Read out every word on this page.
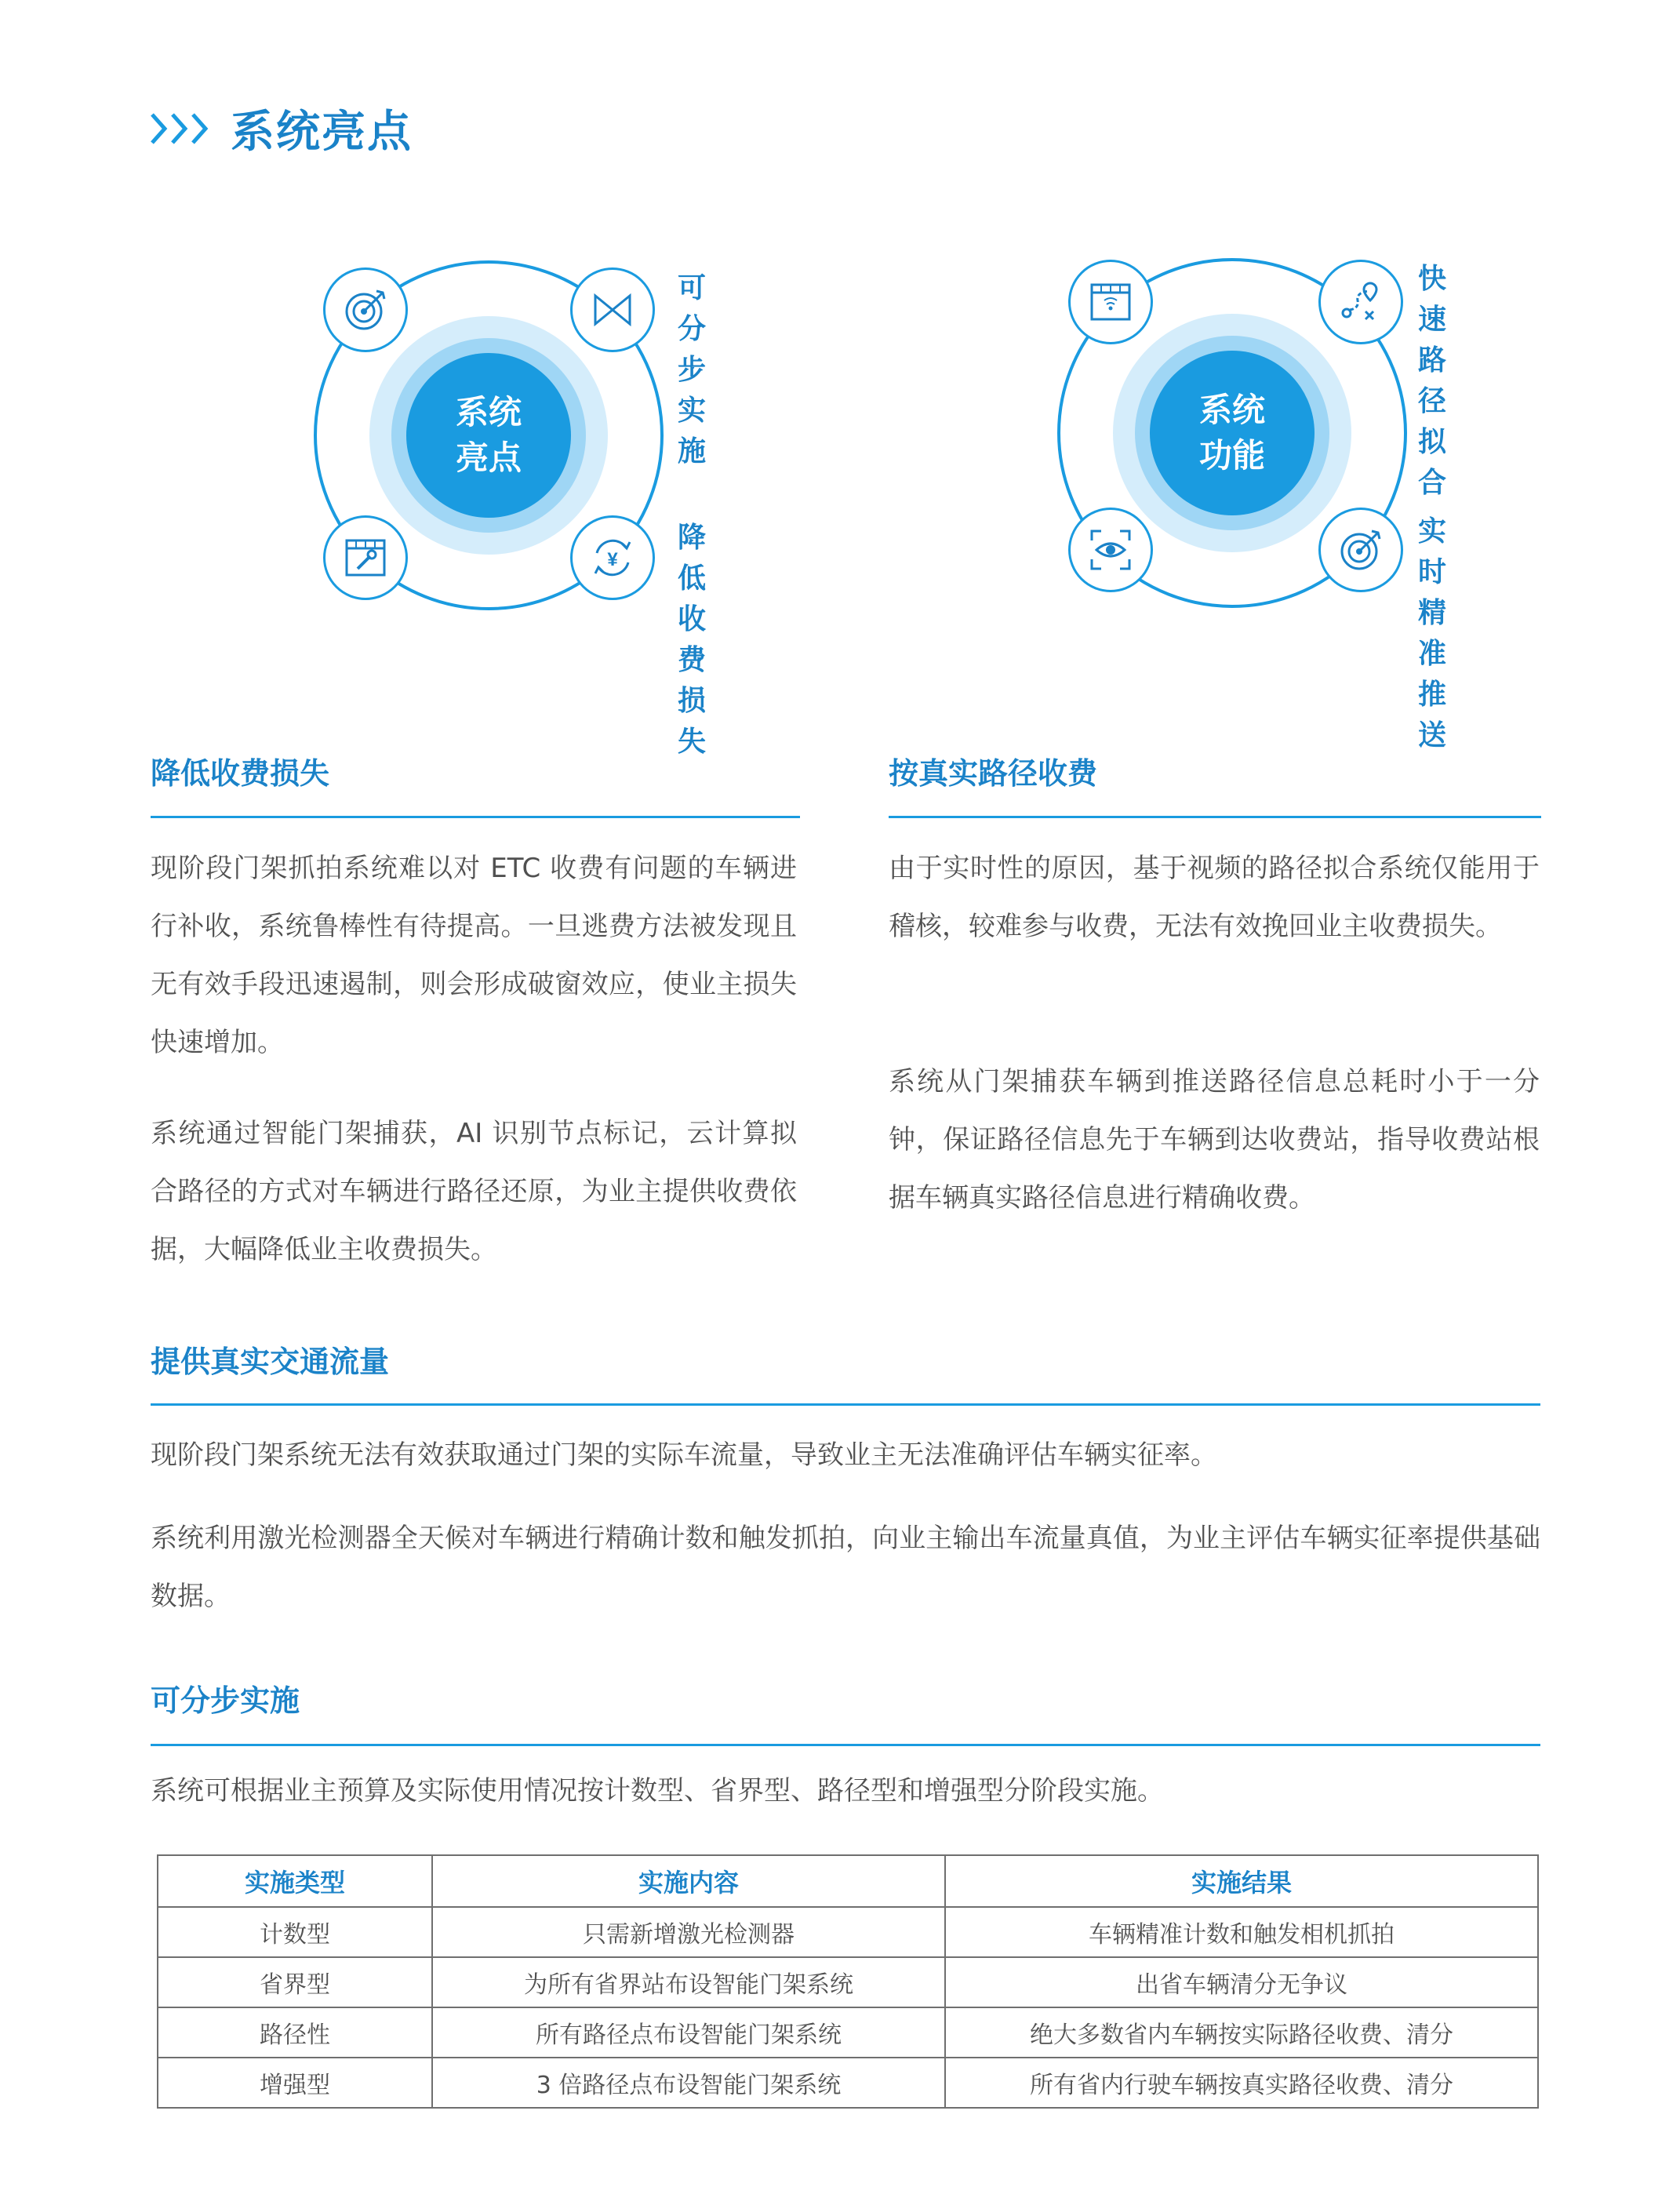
系统亮点
系统
亮点
¥
可分步
实施
降低收费
损失
系统
功能
快速路径
拟合
实时精准
推送
降低收费损失
现阶段门架抓拍系统难以对 ETC 收费有问题的车辆进行补收，系统鲁棒性有待提高。一旦逃费方法被发现且无有效手段迅速遏制，则会形成破窗效应，使业主损失快速增加。
系统通过智能门架捕获，AI 识别节点标记，云计算拟合路径的方式对车辆进行路径还原，为业主提供收费依据，大幅降低业主收费损失。
按真实路径收费
由于实时性的原因，基于视频的路径拟合系统仅能用于稽核，较难参与收费，无法有效挽回业主收费损失。
系统从门架捕获车辆到推送路径信息总耗时小于一分钟，保证路径信息先于车辆到达收费站，指导收费站根据车辆真实路径信息进行精确收费。
提供真实交通流量
现阶段门架系统无法有效获取通过门架的实际车流量，导致业主无法准确评估车辆实征率。
系统利用激光检测器全天候对车辆进行精确计数和触发抓拍，向业主输出车流量真值，为业主评估车辆实征率提供基础数据。
可分步实施
系统可根据业主预算及实际使用情况按计数型、省界型、路径型和增强型分阶段实施。
实施类型	实施内容	实施结果
计数型	只需新增激光检测器	车辆精准计数和触发相机抓拍
省界型	为所有省界站布设智能门架系统	出省车辆清分无争议
路径性	所有路径点布设智能门架系统	绝大多数省内车辆按实际路径收费、清分
增强型	3 倍路径点布设智能门架系统	所有省内行驶车辆按真实路径收费、清分
